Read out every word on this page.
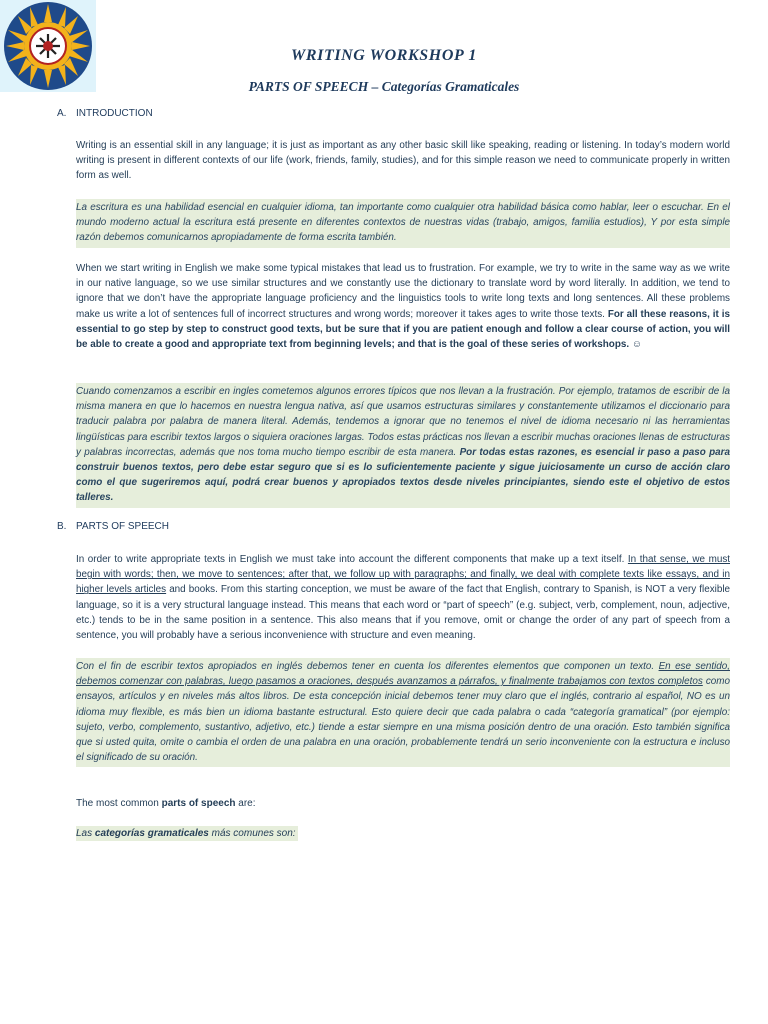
WRITING WORKSHOP 1
PARTS OF SPEECH – Categorías Gramaticales
A. INTRODUCTION

Writing is an essential skill in any language; it is just as important as any other basic skill like speaking, reading or listening. In today’s modern world writing is present in different contexts of our life (work, friends, family, studies), and for this simple reason we need to communicate properly in written form as well.

La escritura es una habilidad esencial en cualquier idioma, tan importante como cualquier otra habilidad básica como hablar, leer o escuchar. En el mundo moderno actual la escritura está presente en diferentes contextos de nuestras vidas (trabajo, amigos, familia estudios), Y por esta simple razón debemos comunicarnos apropiadamente de forma escrita también.

When we start writing in English we make some typical mistakes that lead us to frustration. For example, we try to write in the same way as we write in our native language, so we use similar structures and we constantly use the dictionary to translate word by word literally. In addition, we tend to ignore that we don’t have the appropriate language proficiency and the linguistics tools to write long texts and long sentences. All these problems make us write a lot of sentences full of incorrect structures and wrong words; moreover it takes ages to write those texts. For all these reasons, it is essential to go step by step to construct good texts, but be sure that if you are patient enough and follow a clear course of action, you will be able to create a good and appropriate text from beginning levels; and that is the goal of these series of workshops. ☺

Cuando comenzamos a escribir en ingles cometemos algunos errores típicos que nos llevan a la frustración. Por ejemplo, tratamos de escribir de la misma manera en que lo hacemos en nuestra lengua nativa, así que usamos estructuras similares y constantemente utilizamos el diccionario para traducir palabra por palabra de manera literal. Además, tendemos a ignorar que no tenemos el nivel de idioma necesario ni las herramientas lingüísticas para escribir textos largos o siquiera oraciones largas. Todos estas prácticas nos llevan a escribir muchas oraciones llenas de estructuras y palabras incorrectas, además que nos toma mucho tiempo escribir de esta manera. Por todas estas razones, es esencial ir paso a paso para construir buenos textos, pero debe estar seguro que si es lo suficientemente paciente y sigue juiciosamente un curso de acción claro como el que sugeriremos aquí, podrá crear buenos y apropiados textos desde niveles principiantes, siendo este el objetivo de estos talleres.

B. PARTS OF SPEECH

In order to write appropriate texts in English we must take into account the different components that make up a text itself. In that sense, we must begin with words; then, we move to sentences; after that, we follow up with paragraphs; and finally, we deal with complete texts like essays, and in higher levels articles and books. From this starting conception, we must be aware of the fact that English, contrary to Spanish, is NOT a very flexible language, so it is a very structural language instead. This means that each word or “part of speech” (e.g. subject, verb, complement, noun, adjective, etc.) tends to be in the same position in a sentence. This also means that if you remove, omit or change the order of any part of speech from a sentence, you will probably have a serious inconvenience with structure and even meaning.

Con el fin de escribir textos apropiados en inglés debemos tener en cuenta los diferentes elementos que componen un texto. En ese sentido, debemos comenzar con palabras, luego pasamos a oraciones, después avanzamos a párrafos, y finalmente trabajamos con textos completos como ensayos, artículos y en niveles más altos libros. De esta concepción inicial debemos tener muy claro que el inglés, contrario al español, NO es un idioma muy flexible, es más bien un idioma bastante estructural. Esto quiere decir que cada palabra o cada “categoría gramatical” (por ejemplo: sujeto, verbo, complemento, sustantivo, adjetivo, etc.) tiende a estar siempre en una misma posición dentro de una oración. Esto también significa que si usted quita, omite o cambia el orden de una palabra en una oración, probablemente tendrá un serio inconveniente con la estructura e incluso el significado de su oración.

The most common parts of speech are:

Las categorías gramaticales más comunes son:
